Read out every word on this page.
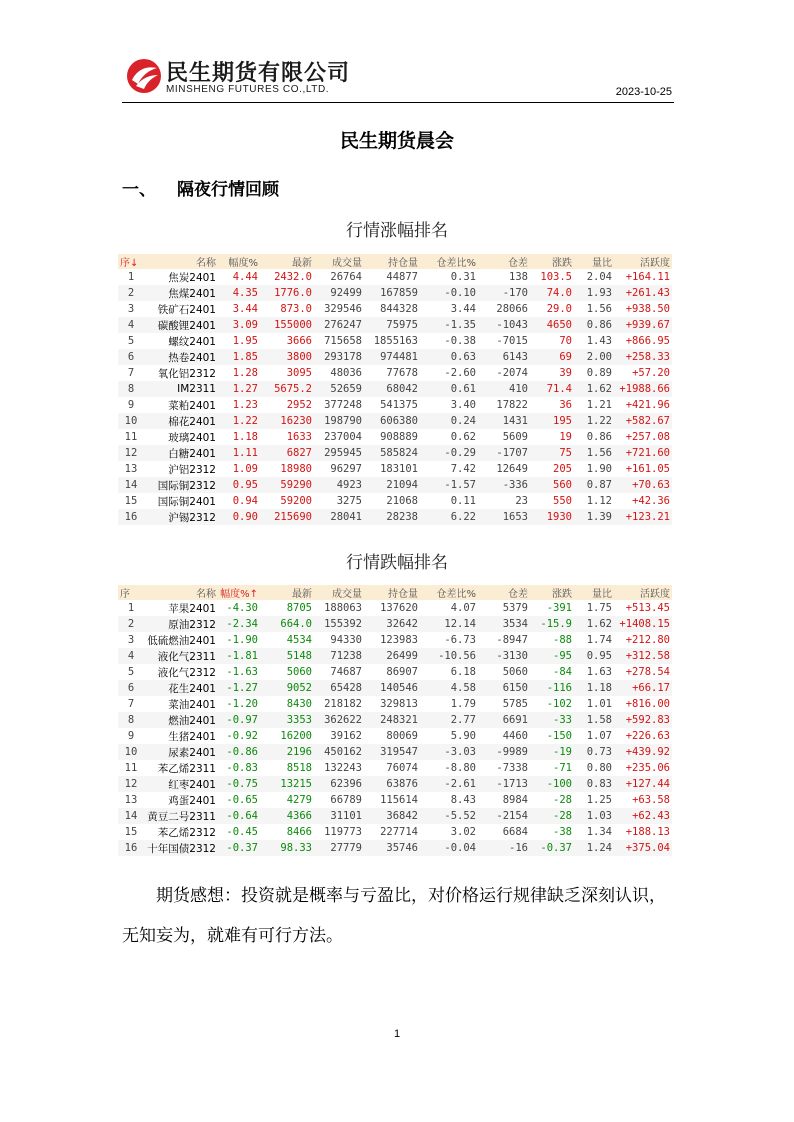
民生期货有限公司
MINSHENG FUTURES CO.,LTD.	2023-10-25
民生期货晨会
一、 隔夜行情回顾
行情涨幅排名
序↓	名称	幅度%	最新	成交量	持仓量	仓差比%	仓差	涨跌	量比	活跃度
1	焦炭2401	4.44	2432.0	26764	44877	0.31	138	103.5	2.04	+164.11
2	焦煤2401	4.35	1776.0	92499	167859	-0.10	-170	74.0	1.93	+261.43
3	铁矿石2401	3.44	873.0	329546	844328	3.44	28066	29.0	1.56	+938.50
4	碳酸锂2401	3.09	155000	276247	75975	-1.35	-1043	4650	0.86	+939.67
5	螺纹2401	1.95	3666	715658	1855163	-0.38	-7015	70	1.43	+866.95
6	热卷2401	1.85	3800	293178	974481	0.63	6143	69	2.00	+258.33
7	氧化铝2312	1.28	3095	48036	77678	-2.60	-2074	39	0.89	+57.20
8	IM2311	1.27	5675.2	52659	68042	0.61	410	71.4	1.62	+1988.66
9	菜粕2401	1.23	2952	377248	541375	3.40	17822	36	1.21	+421.96
10	棉花2401	1.22	16230	198790	606380	0.24	1431	195	1.22	+582.67
11	玻璃2401	1.18	1633	237004	908889	0.62	5609	19	0.86	+257.08
12	白糖2401	1.11	6827	295945	585824	-0.29	-1707	75	1.56	+721.60
13	沪铝2312	1.09	18980	96297	183101	7.42	12649	205	1.90	+161.05
14	国际铜2312	0.95	59290	4923	21094	-1.57	-336	560	0.87	+70.63
15	国际铜2401	0.94	59200	3275	21068	0.11	23	550	1.12	+42.36
16	沪锡2312	0.90	215690	28041	28238	6.22	1653	1930	1.39	+123.21
行情跌幅排名
序	名称	幅度%↑	最新	成交量	持仓量	仓差比%	仓差	涨跌	量比	活跃度
1	苹果2401	-4.30	8705	188063	137620	4.07	5379	-391	1.75	+513.45
2	原油2312	-2.34	664.0	155392	32642	12.14	3534	-15.9	1.62	+1408.15
3	低硫燃油2401	-1.90	4534	94330	123983	-6.73	-8947	-88	1.74	+212.80
4	液化气2311	-1.81	5148	71238	26499	-10.56	-3130	-95	0.95	+312.58
5	液化气2312	-1.63	5060	74687	86907	6.18	5060	-84	1.63	+278.54
6	花生2401	-1.27	9052	65428	140546	4.58	6150	-116	1.18	+66.17
7	菜油2401	-1.20	8430	218182	329813	1.79	5785	-102	1.01	+816.00
8	燃油2401	-0.97	3353	362622	248321	2.77	6691	-33	1.58	+592.83
9	生猪2401	-0.92	16200	39162	80069	5.90	4460	-150	1.07	+226.63
10	尿素2401	-0.86	2196	450162	319547	-3.03	-9989	-19	0.73	+439.92
11	苯乙烯2311	-0.83	8518	132243	76074	-8.80	-7338	-71	0.80	+235.06
12	红枣2401	-0.75	13215	62396	63876	-2.61	-1713	-100	0.83	+127.44
13	鸡蛋2401	-0.65	4279	66789	115614	8.43	8984	-28	1.25	+63.58
14	黄豆二号2311	-0.64	4366	31101	36842	-5.52	-2154	-28	1.03	+62.43
15	苯乙烯2312	-0.45	8466	119773	227714	3.02	6684	-38	1.34	+188.13
16	十年国债2312	-0.37	98.33	27779	35746	-0.04	-16	-0.37	1.24	+375.04
期货感想：投资就是概率与亏盈比，对价格运行规律缺乏深刻认识，无知妄为，就难有可行方法。
1
